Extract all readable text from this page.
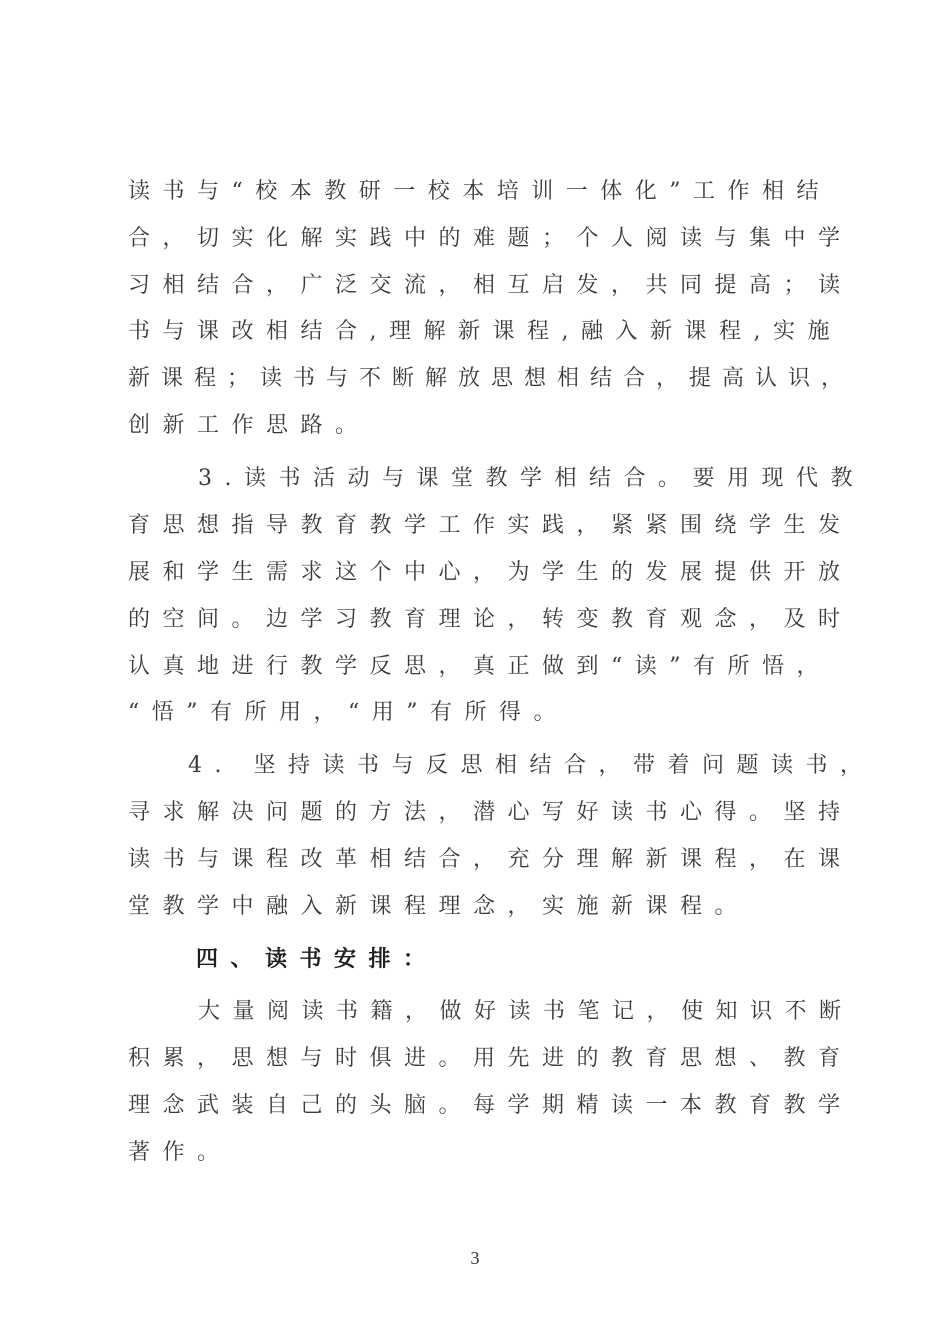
读书与“校本教研一校本培训一体化”工作相结
合，切实化解实践中的难题；个人阅读与集中学
习相结合，广泛交流，相互启发，共同提高；读
书与课改相结合,理解新课程,融入新课程,实施
新课程；读书与不断解放思想相结合，提高认识，
创新工作思路。
3.读书活动与课堂教学相结合。要用现代教
育思想指导教育教学工作实践，紧紧围绕学生发
展和学生需求这个中心，为学生的发展提供开放
的空间。边学习教育理论，转变教育观念，及时
认真地进行教学反思，真正做到“读”有所悟，
“悟”有所用，“用”有所得。
4. 坚持读书与反思相结合，带着问题读书，
寻求解决问题的方法，潜心写好读书心得。坚持
读书与课程改革相结合，充分理解新课程，在课
堂教学中融入新课程理念，实施新课程。
四、读书安排：
大量阅读书籍，做好读书笔记，使知识不断
积累，思想与时俱进。用先进的教育思想、教育
理念武装自己的头脑。每学期精读一本教育教学
著作。
3
